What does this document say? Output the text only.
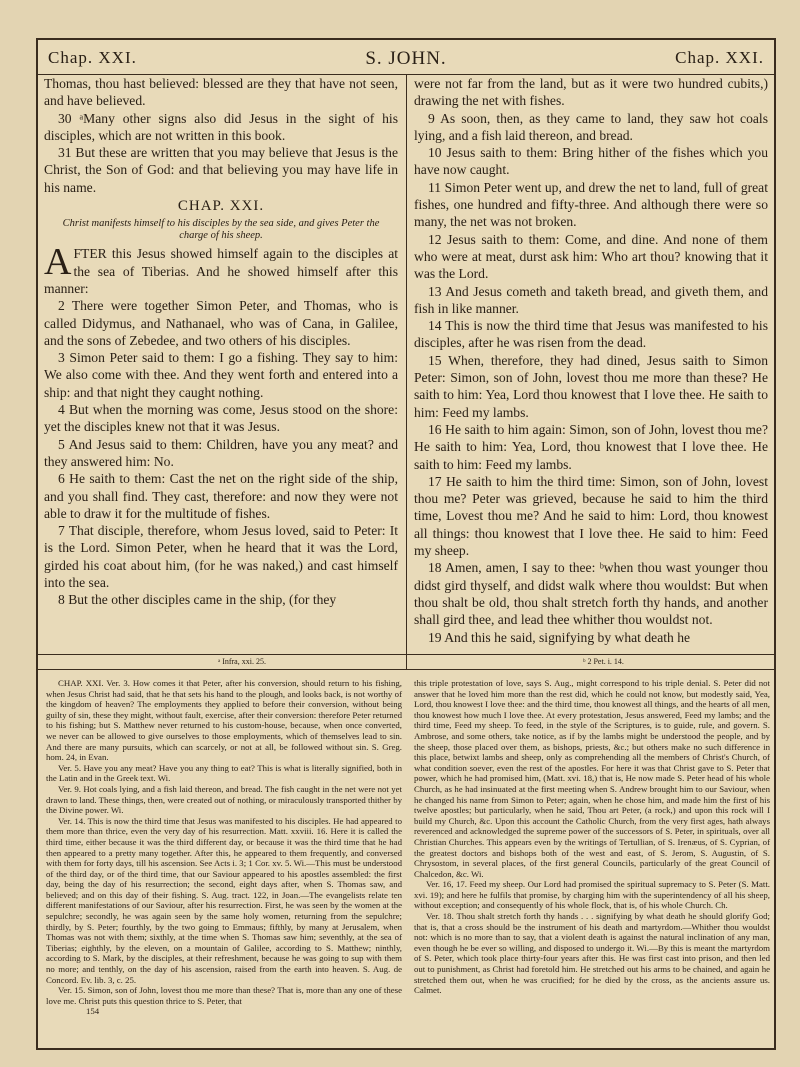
Chap. XXI.	S. JOHN.	Chap. XXI.

Thomas, thou hast believed: blessed are they that have not seen, and have believed.

30 ᵃMany other signs also did Jesus in the sight of his disciples, which are not written in this book.

31 But these are written that you may believe that Jesus is the Christ, the Son of God: and that believing you may have life in his name.

CHAP. XXI.
Christ manifests himself to his disciples by the sea side, and gives Peter the charge of his sheep.

AFTER this Jesus showed himself again to the disciples at the sea of Tiberias. And he showed himself after this manner:

2 There were together Simon Peter, and Thomas, who is called Didymus, and Nathanael, who was of Cana, in Galilee, and the sons of Zebedee, and two others of his disciples.

3 Simon Peter said to them: I go a fishing. They say to him: We also come with thee. And they went forth and entered into a ship: and that night they caught nothing.

4 But when the morning was come, Jesus stood on the shore: yet the disciples knew not that it was Jesus.

5 And Jesus said to them: Children, have you any meat? and they answered him: No.

6 He saith to them: Cast the net on the right side of the ship, and you shall find. They cast, therefore: and now they were not able to draw it for the multitude of fishes.

7 That disciple, therefore, whom Jesus loved, said to Peter: It is the Lord. Simon Peter, when he heard that it was the Lord, girded his coat about him, (for he was naked,) and cast himself into the sea.

8 But the other disciples came in the ship, (for they

were not far from the land, but as it were two hundred cubits,) drawing the net with fishes.

9 As soon, then, as they came to land, they saw hot coals lying, and a fish laid thereon, and bread.

10 Jesus saith to them: Bring hither of the fishes which you have now caught.

11 Simon Peter went up, and drew the net to land, full of great fishes, one hundred and fifty-three. And although there were so many, the net was not broken.

12 Jesus saith to them: Come, and dine. And none of them who were at meat, durst ask him: Who art thou? knowing that it was the Lord.

13 And Jesus cometh and taketh bread, and giveth them, and fish in like manner.

14 This is now the third time that Jesus was manifested to his disciples, after he was risen from the dead.

15 When, therefore, they had dined, Jesus saith to Simon Peter: Simon, son of John, lovest thou me more than these? He saith to him: Yea, Lord thou knowest that I love thee. He saith to him: Feed my lambs.

16 He saith to him again: Simon, son of John, lovest thou me? He saith to him: Yea, Lord, thou knowest that I love thee. He saith to him: Feed my lambs.

17 He saith to him the third time: Simon, son of John, lovest thou me? Peter was grieved, because he said to him the third time, Lovest thou me? And he said to him: Lord, thou knowest all things: thou knowest that I love thee. He said to him: Feed my sheep.

18 Amen, amen, I say to thee: ᵇwhen thou wast younger thou didst gird thyself, and didst walk where thou wouldst: But when thou shalt be old, thou shalt stretch forth thy hands, and another shall gird thee, and lead thee whither thou wouldst not.

19 And this he said, signifying by what death he

ᵃ Infra, xxi. 25.	ᵇ 2 Pet. i. 14.

CHAP. XXI. Ver. 3. How comes it that Peter, after his conversion, should return to his fishing, when Jesus Christ had said, that he that sets his hand to the plough, and looks back, is not worthy of the kingdom of heaven? The employments they applied to before their conversion, without being guilty of sin, these they might, without fault, exercise, after their conversion: therefore Peter returned to his fishing; but S. Matthew never returned to his custom-house, because, when once converted, we never can be allowed to give ourselves to those employments, which of themselves lead to sin. And there are many pursuits, which can scarcely, or not at all, be followed without sin. S. Greg. hom. 24, in Evan.

Ver. 5. Have you any meat? Have you any thing to eat? This is what is literally signified, both in the Latin and in the Greek text. Wi.

Ver. 9. Hot coals lying, and a fish laid thereon, and bread. The fish caught in the net were not yet drawn to land. These things, then, were created out of nothing, or miraculously transported thither by the Divine power. Wi.

Ver. 14. This is now the third time that Jesus was manifested to his disciples. He had appeared to them more than thrice, even the very day of his resurrection. Matt. xxviii. 16. Here it is called the third time, either because it was the third different day, or because it was the third time that he had then appeared to a pretty many together. After this, he appeared to them frequently, and conversed with them for forty days, till his ascension. See Acts i. 3; 1 Cor. xv. 5. Wi.—This must be understood of the third day, or of the third time, that our Saviour appeared to his apostles assembled: the first day, being the day of his resurrection; the second, eight days after, when S. Thomas saw, and believed; and on this day of their fishing. S. Aug. tract. 122, in Joan.—The evangelists relate ten different manifestations of our Saviour, after his resurrection. First, he was seen by the women at the sepulchre; secondly, he was again seen by the same holy women, returning from the sepulchre; thirdly, by S. Peter; fourthly, by the two going to Emmaus; fifthly, by many at Jerusalem, when Thomas was not with them; sixthly, at the time when S. Thomas saw him; seventhly, at the sea of Tiberias; eighthly, by the eleven, on a mountain of Galilee, according to S. Matthew; ninthly, according to S. Mark, by the disciples, at their refreshment, because he was going to sup with them no more; and tenthly, on the day of his ascension, raised from the earth into heaven. S. Aug. de Concord. Ev. lib. 3, c. 25.

Ver. 15. Simon, son of John, lovest thou me more than these? That is, more than any one of these love me. Christ puts this question thrice to S. Peter, that

154

this triple protestation of love, says S. Aug., might correspond to his triple denial. S. Peter did not answer that he loved him more than the rest did, which he could not know, but modestly said, Yea, Lord, thou knowest I love thee: and the third time, thou knowest all things, and the hearts of all men, thou knowest how much I love thee. At every protestation, Jesus answered, Feed my lambs; and the third time, Feed my sheep. To feed, in the style of the Scriptures, is to guide, rule, and govern. S. Ambrose, and some others, take notice, as if by the lambs might be understood the people, and by the sheep, those placed over them, as bishops, priests, &c.; but others make no such difference in this place, betwixt lambs and sheep, only as comprehending all the members of Christ's Church, of what condition soever, even the rest of the apostles. For here it was that Christ gave to S. Peter that power, which he had promised him, (Matt. xvi. 18,) that is, He now made S. Peter head of his whole Church, as he had insinuated at the first meeting when S. Andrew brought him to our Saviour, when he changed his name from Simon to Peter; again, when he chose him, and made him the first of his twelve apostles; but particularly, when he said, Thou art Peter, (a rock,) and upon this rock will I build my Church, &c. Upon this account the Catholic Church, from the very first ages, hath always reverenced and acknowledged the supreme power of the successors of S. Peter, in spirituals, over all Christian Churches. This appears even by the writings of Tertullian, of S. Irenæus, of S. Cyprian, of the greatest doctors and bishops both of the west and east, of S. Jerom, S. Augustin, of S. Chrysostom, in several places, of the first general Councils, particularly of the great Council of Chalcedon, &c. Wi.

Ver. 16, 17. Feed my sheep. Our Lord had promised the spiritual supremacy to S. Peter (S. Matt. xvi. 19); and here he fulfils that promise, by charging him with the superintendency of all his sheep, without exception; and consequently of his whole flock, that is, of his whole Church. Ch.

Ver. 18. Thou shalt stretch forth thy hands . . . signifying by what death he should glorify God; that is, that a cross should be the instrument of his death and martyrdom.—Whither thou wouldst not: which is no more than to say, that a violent death is against the natural inclination of any man, even though he be ever so willing, and disposed to undergo it. Wi.—By this is meant the martyrdom of S. Peter, which took place thirty-four years after this. He was first cast into prison, and then led out to punishment, as Christ had foretold him. He stretched out his arms to be chained, and again he stretched them out, when he was crucified; for he died by the cross, as the ancients assure us. Calmet.
